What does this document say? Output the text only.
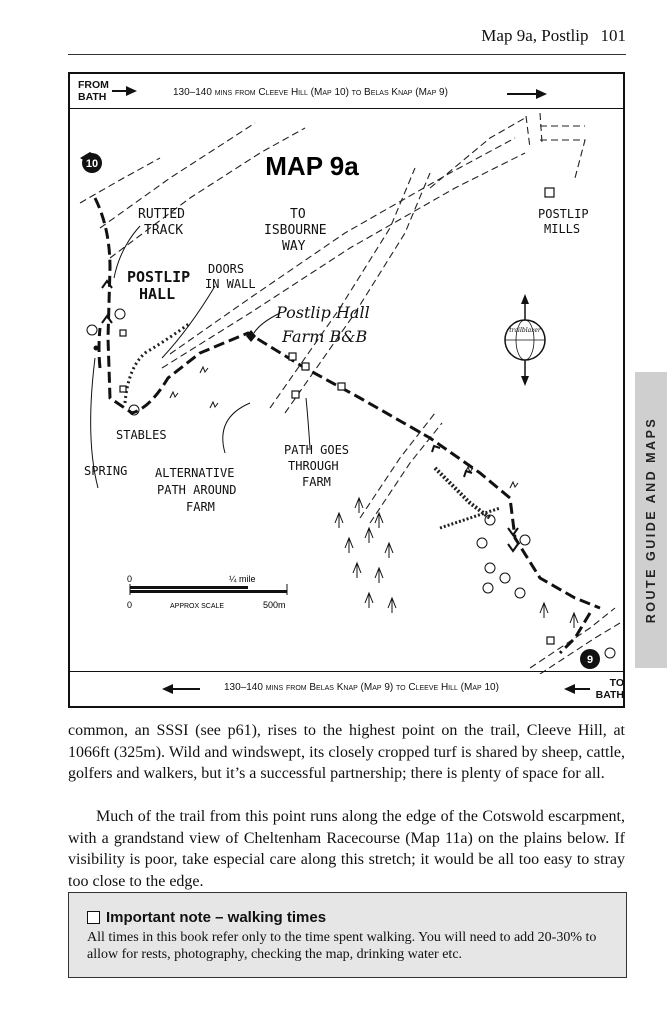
Map 9a, Postlip 101
ROUTE GUIDE AND MAPS
FROM BATH	130–140 mins from Cleeve Hill (Map 10) to Belas Knap (Map 9)
10
9
MAP 9a
RUTTED
TRACK
TO
ISBOURNE
WAY
POSTLIP
MILLS
POSTLIP
HALL
DOORS
IN WALL
Postlip Hall
Farm B&B
STABLES
SPRING ALTERNATIVE
PATH AROUND
FARM
PATH GOES
THROUGH
FARM
trailblazer
0	¼ mile
0	APPROX SCALE	500m
130–140 mins from Belas Knap (Map 9) to Cleeve Hill (Map 10)	TO BATH

common, an SSSI (see p61), rises to the highest point on the trail, Cleeve Hill, at 1066ft (325m). Wild and windswept, its closely cropped turf is shared by sheep, cattle, golfers and walkers, but it’s a successful partnership; there is plenty of space for all.

Much of the trail from this point runs along the edge of the Cotswold escarpment, with a grandstand view of Cheltenham Racecourse (Map 11a) on the plains below. If visibility is poor, take especial care along this stretch; it would be all too easy to stray too close to the edge.

Important note – walking times
All times in this book refer only to the time spent walking. You will need to add 20-30% to allow for rests, photography, checking the map, drinking water etc.
